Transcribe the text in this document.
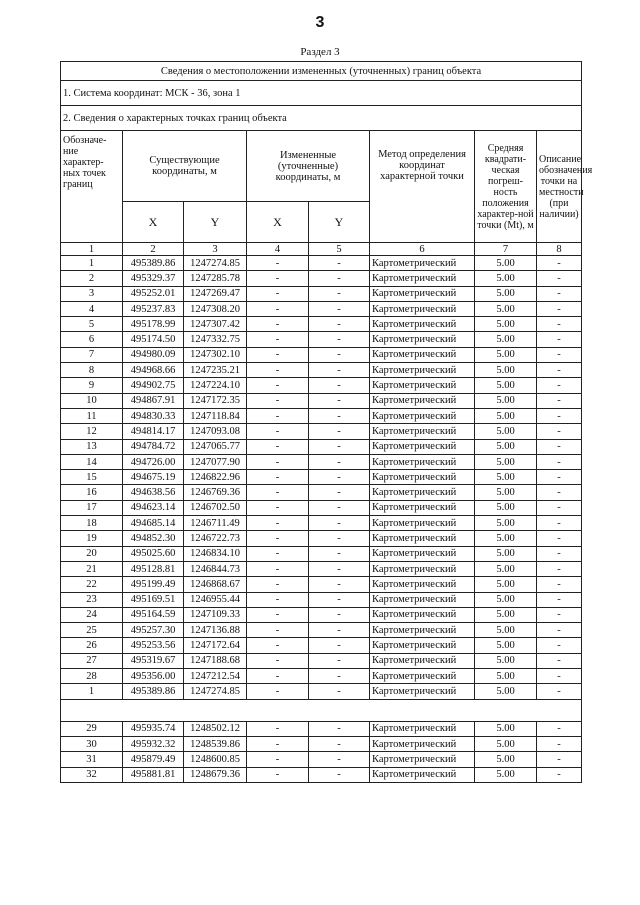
3
Раздел 3
Сведения о местоположении измененных (уточненных) границ объекта							
1. Система координат: МСК - 36, зона 1							
2. Сведения о характерных точках границ объекта							
Обозначе-ние характер-ных точек границ	Существующие координаты, м		Измененные (уточненные) координаты, м		Метод определения координат характерной точки	Средняя квадрати-ческая погреш-ность положения характер-ной точки (Mt), м	Описание обозначения точки на местности (при наличии)
	X	Y	X	Y			
1	2	3	4	5	6	7	8
1	495389.86	1247274.85	-	-	Картометрический	5.00	-
2	495329.37	1247285.78	-	-	Картометрический	5.00	-
3	495252.01	1247269.47	-	-	Картометрический	5.00	-
4	495237.83	1247308.20	-	-	Картометрический	5.00	-
5	495178.99	1247307.42	-	-	Картометрический	5.00	-
6	495174.50	1247332.75	-	-	Картометрический	5.00	-
7	494980.09	1247302.10	-	-	Картометрический	5.00	-
8	494968.66	1247235.21	-	-	Картометрический	5.00	-
9	494902.75	1247224.10	-	-	Картометрический	5.00	-
10	494867.91	1247172.35	-	-	Картометрический	5.00	-
11	494830.33	1247118.84	-	-	Картометрический	5.00	-
12	494814.17	1247093.08	-	-	Картометрический	5.00	-
13	494784.72	1247065.77	-	-	Картометрический	5.00	-
14	494726.00	1247077.90	-	-	Картометрический	5.00	-
15	494675.19	1246822.96	-	-	Картометрический	5.00	-
16	494638.56	1246769.36	-	-	Картометрический	5.00	-
17	494623.14	1246702.50	-	-	Картометрический	5.00	-
18	494685.14	1246711.49	-	-	Картометрический	5.00	-
19	494852.30	1246722.73	-	-	Картометрический	5.00	-
20	495025.60	1246834.10	-	-	Картометрический	5.00	-
21	495128.81	1246844.73	-	-	Картометрический	5.00	-
22	495199.49	1246868.67	-	-	Картометрический	5.00	-
23	495169.51	1246955.44	-	-	Картометрический	5.00	-
24	495164.59	1247109.33	-	-	Картометрический	5.00	-
25	495257.30	1247136.88	-	-	Картометрический	5.00	-
26	495253.56	1247172.64	-	-	Картометрический	5.00	-
27	495319.67	1247188.68	-	-	Картометрический	5.00	-
28	495356.00	1247212.54	-	-	Картометрический	5.00	-
1	495389.86	1247274.85	-	-	Картометрический	5.00	-

29	495935.74	1248502.12	-	-	Картометрический	5.00	-
30	495932.32	1248539.86	-	-	Картометрический	5.00	-
31	495879.49	1248600.85	-	-	Картометрический	5.00	-
32	495881.81	1248679.36	-	-	Картометрический	5.00	-
